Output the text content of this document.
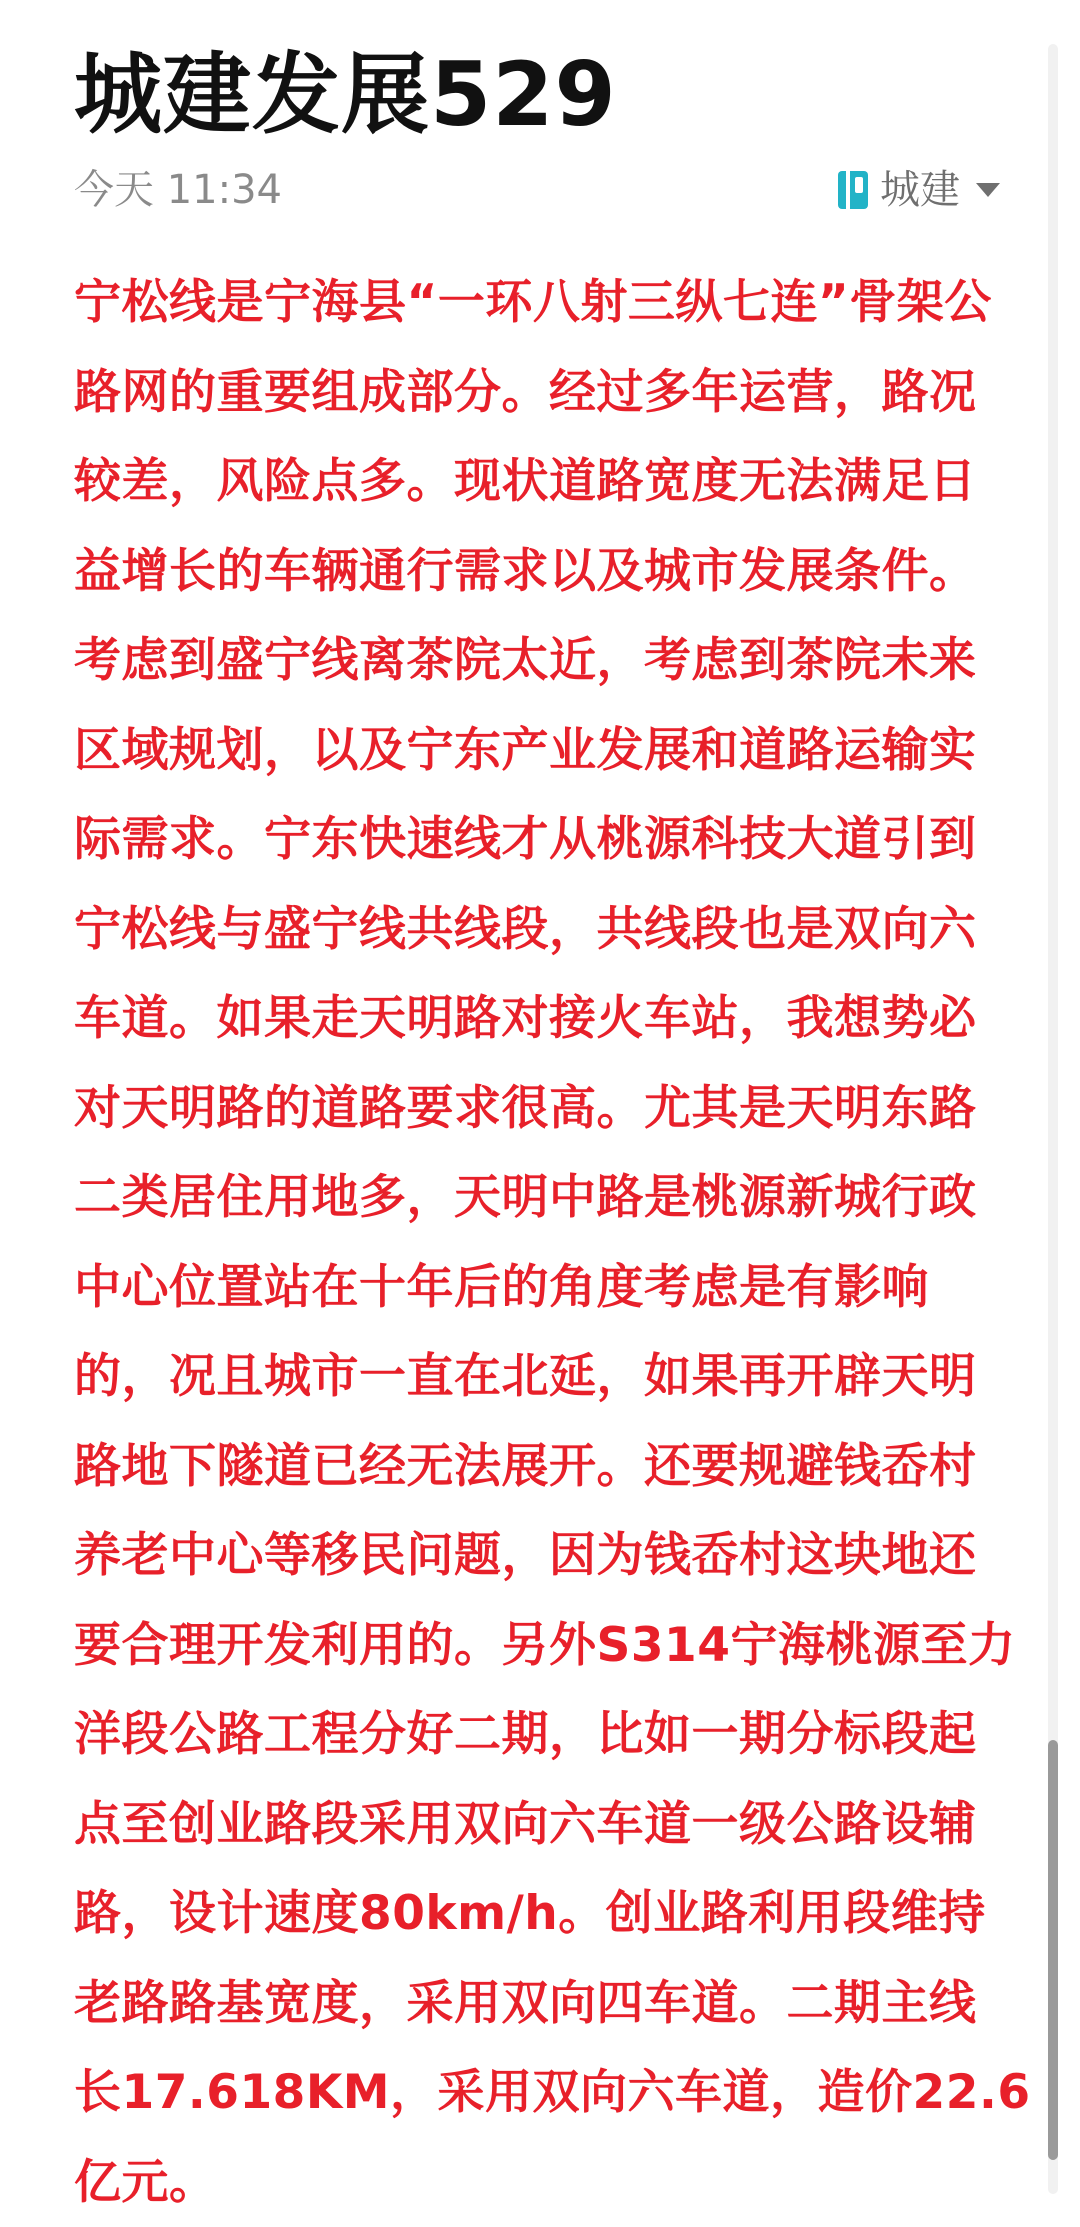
城建发展529
今天 11:34	城建
宁松线是宁海县“一环八射三纵七连”骨架公
路网的重要组成部分。经过多年运营，路况
较差，风险点多。现状道路宽度无法满足日
益增长的车辆通行需求以及城市发展条件。
考虑到盛宁线离茶院太近，考虑到茶院未来
区域规划，以及宁东产业发展和道路运输实
际需求。宁东快速线才从桃源科技大道引到
宁松线与盛宁线共线段，共线段也是双向六
车道。如果走天明路对接火车站，我想势必
对天明路的道路要求很高。尤其是天明东路
二类居住用地多，天明中路是桃源新城行政
中心位置站在十年后的角度考虑是有影响
的，况且城市一直在北延，如果再开辟天明
路地下隧道已经无法展开。还要规避钱岙村
养老中心等移民问题，因为钱岙村这块地还
要合理开发利用的。另外S314宁海桃源至力
洋段公路工程分好二期，比如一期分标段起
点至创业路段采用双向六车道一级公路设辅
路，设计速度80km/h。创业路利用段维持
老路路基宽度，采用双向四车道。二期主线
长17.618KM，采用双向六车道，造价22.6
亿元。
